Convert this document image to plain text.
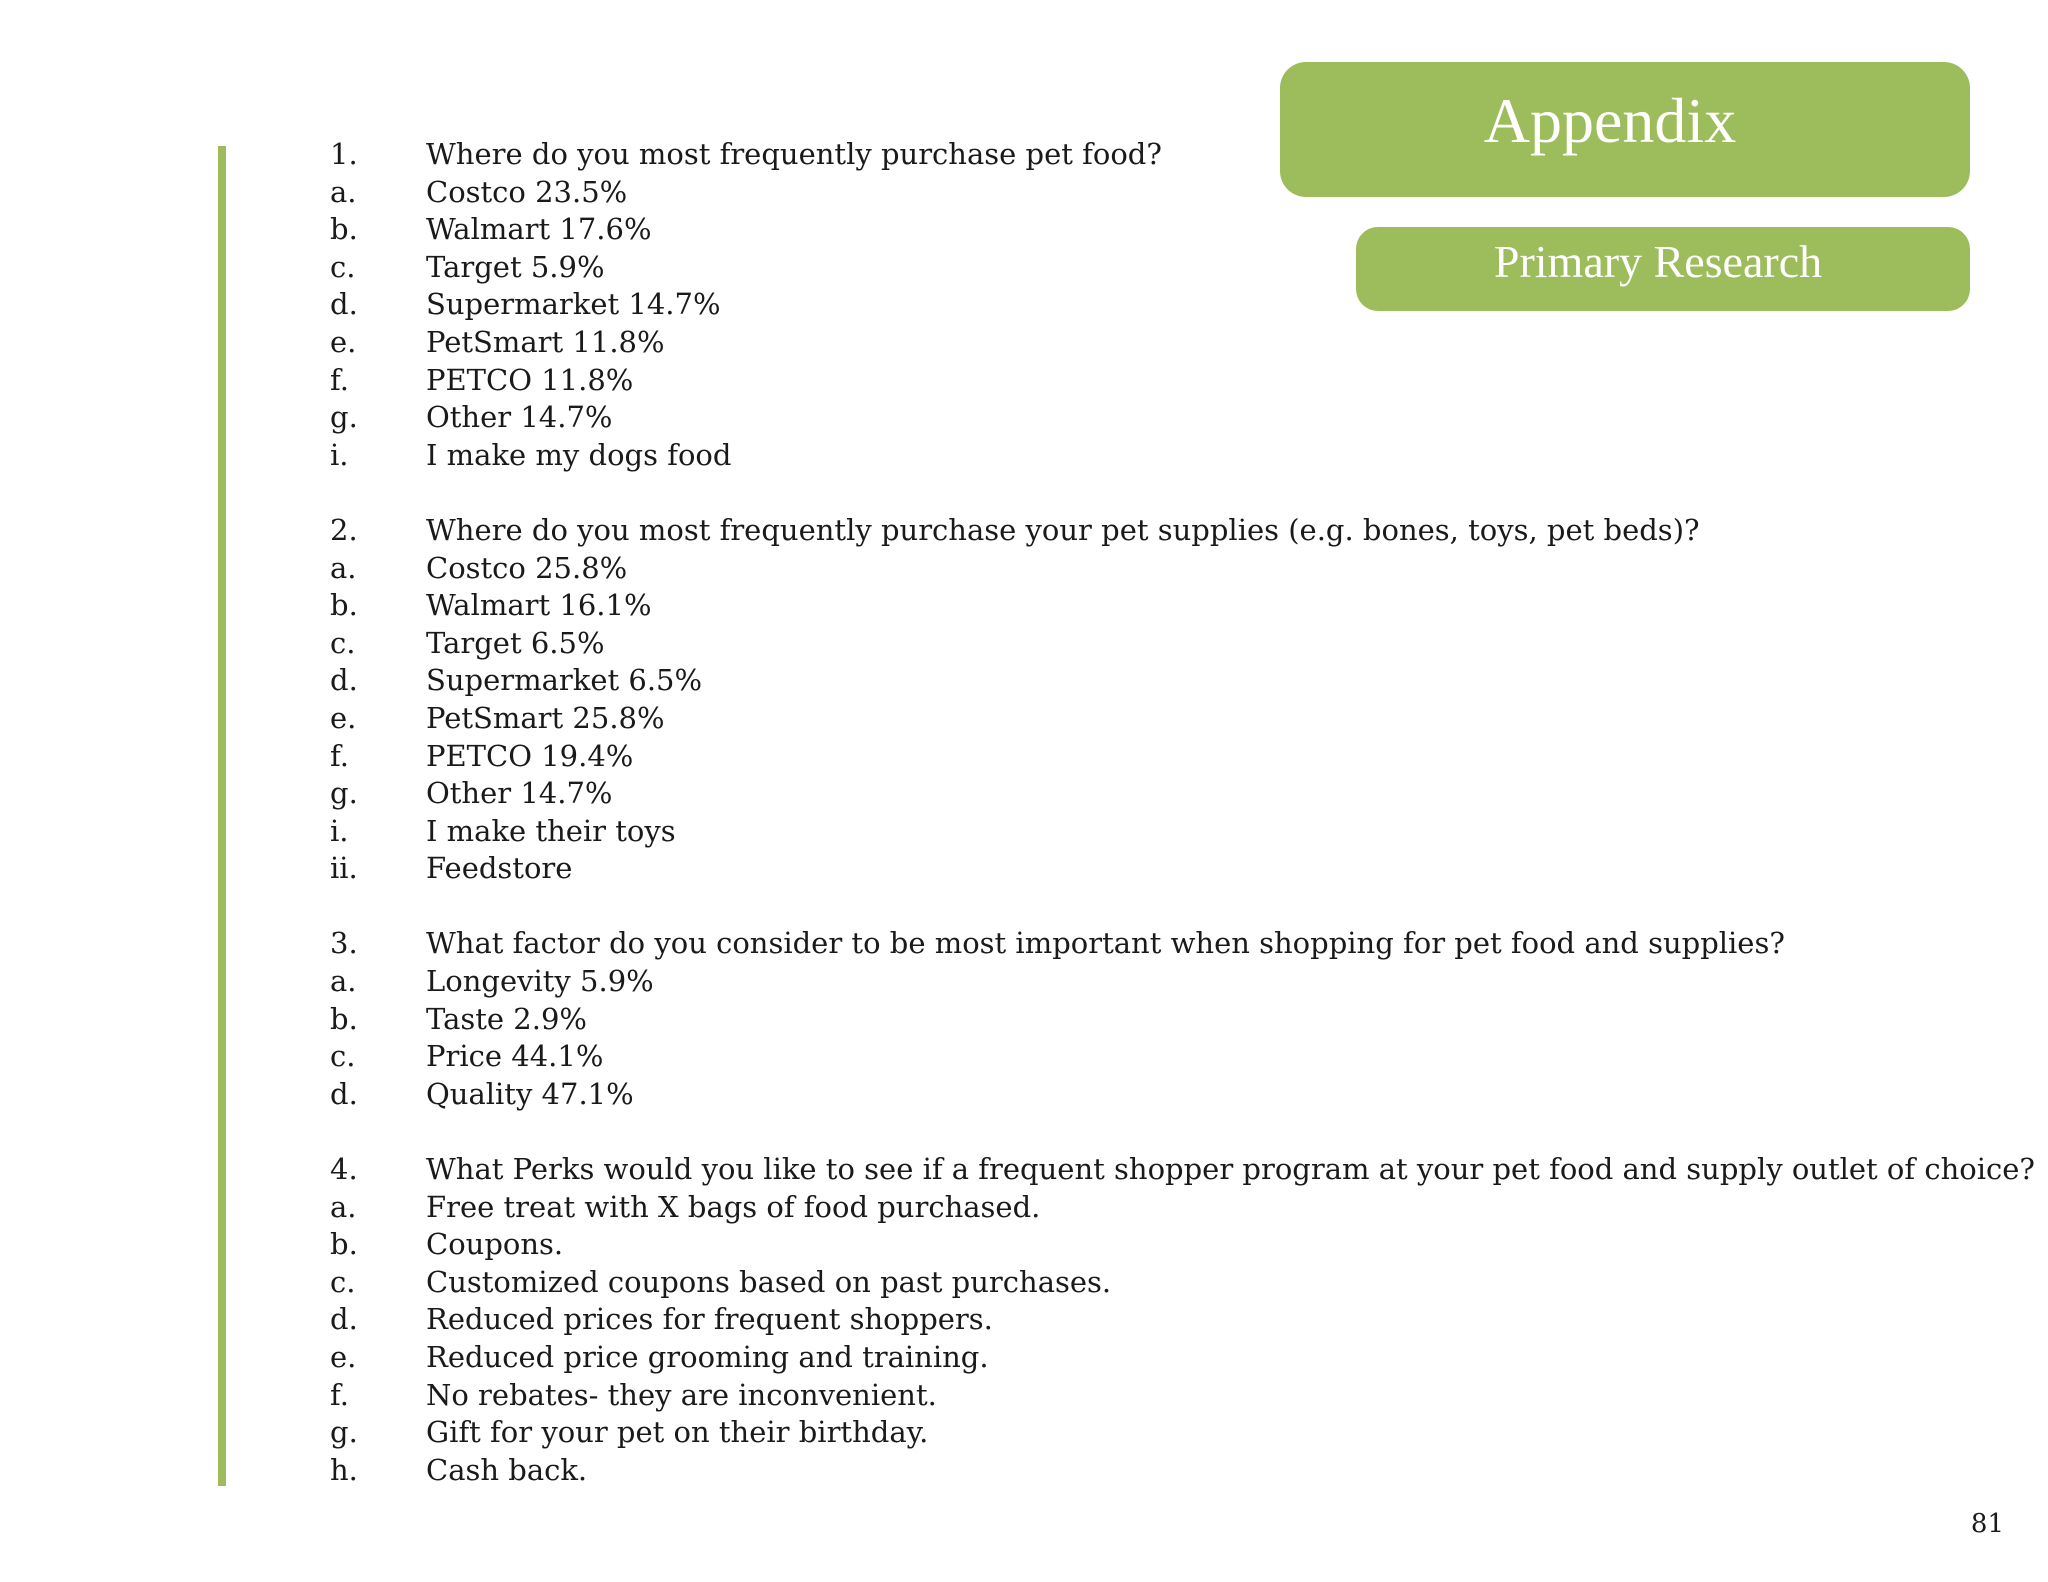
Appendix
Primary Research
1.	Where do you most frequently purchase pet food?
a.	Costco 23.5%
b.	Walmart 17.6%
c.	Target 5.9%
d.	Supermarket 14.7%
e.	PetSmart 11.8%
f.	PETCO 11.8%
g.	Other 14.7%
i.	I make my dogs food
2.	Where do you most frequently purchase your pet supplies (e.g. bones, toys, pet beds)?
a.	Costco 25.8%
b.	Walmart 16.1%
c.	Target 6.5%
d.	Supermarket 6.5%
e.	PetSmart 25.8%
f.	PETCO 19.4%
g.	Other 14.7%
i.	I make their toys
ii.	Feedstore
3.	What factor do you consider to be most important when shopping for pet food and supplies?
a.	Longevity 5.9%
b.	Taste 2.9%
c.	Price 44.1%
d.	Quality 47.1%
4.	What Perks would you like to see if a frequent shopper program at your pet food and supply outlet of choice?
a.	Free treat with X bags of food purchased.
b.	Coupons.
c.	Customized coupons based on past purchases.
d.	Reduced prices for frequent shoppers.
e.	Reduced price grooming and training.
f.	No rebates- they are inconvenient.
g.	Gift for your pet on their birthday.
h.	Cash back.
81
